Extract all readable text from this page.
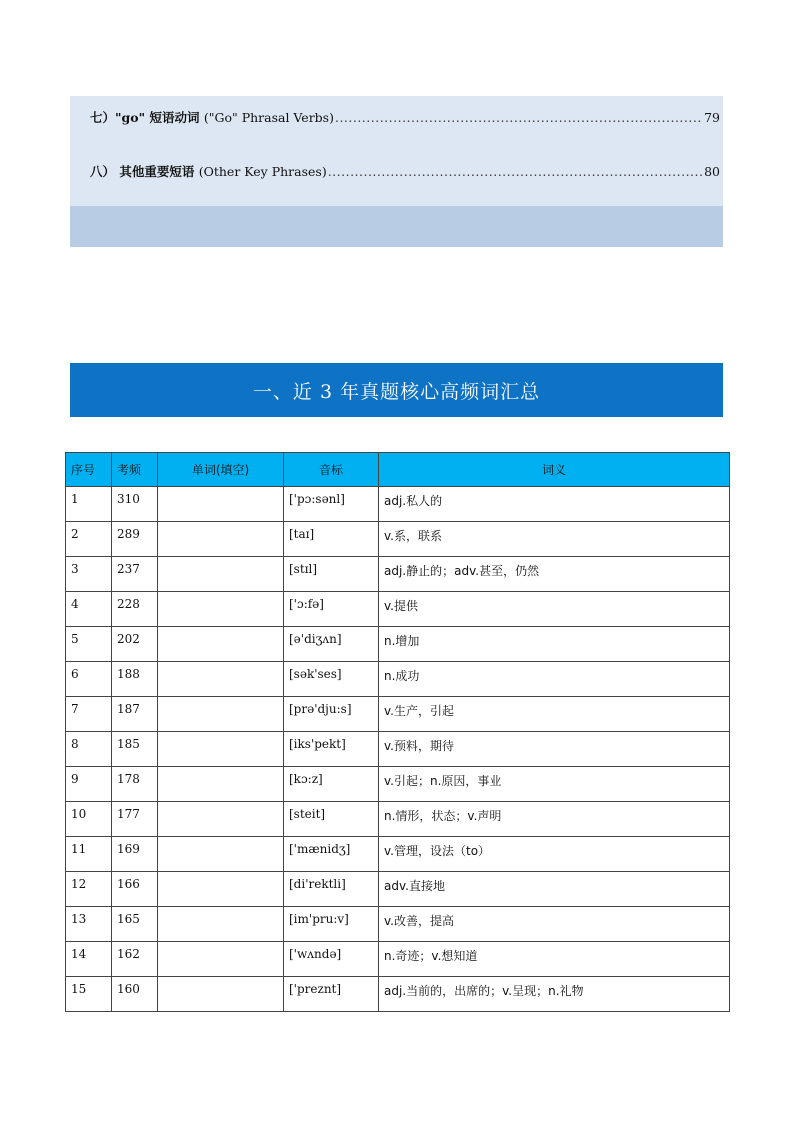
七）"go" 短语动词 ("Go" Phrasal Verbs) .....	79
八） 其他重要短语 (Other Key Phrases) .....	80
一、近 3 年真题核心高频词汇总
序号	考频	单词(填空)	音标	词义
1	310		['pɔ:sənl]	adj.私人的
2	289		[taɪ]	v.系，联系
3	237		[stɪl]	adj.静止的；adv.甚至，仍然
4	228		['ɔ:fə]	v.提供
5	202		[ə'diʒʌn]	n.增加
6	188		[sək'ses]	n.成功
7	187		[prə'dju:s]	v.生产，引起
8	185		[iks'pekt]	v.预料，期待
9	178		[kɔ:z]	v.引起；n.原因，事业
10	177		[steit]	n.情形，状态；v.声明
11	169		['mænidʒ]	v.管理，设法（to）
12	166		[di'rektli]	adv.直接地
13	165		[im'pru:v]	v.改善，提高
14	162		['wʌndə]	n.奇迹；v.想知道
15	160		['preznt]	adj.当前的，出席的；v.呈现；n.礼物
